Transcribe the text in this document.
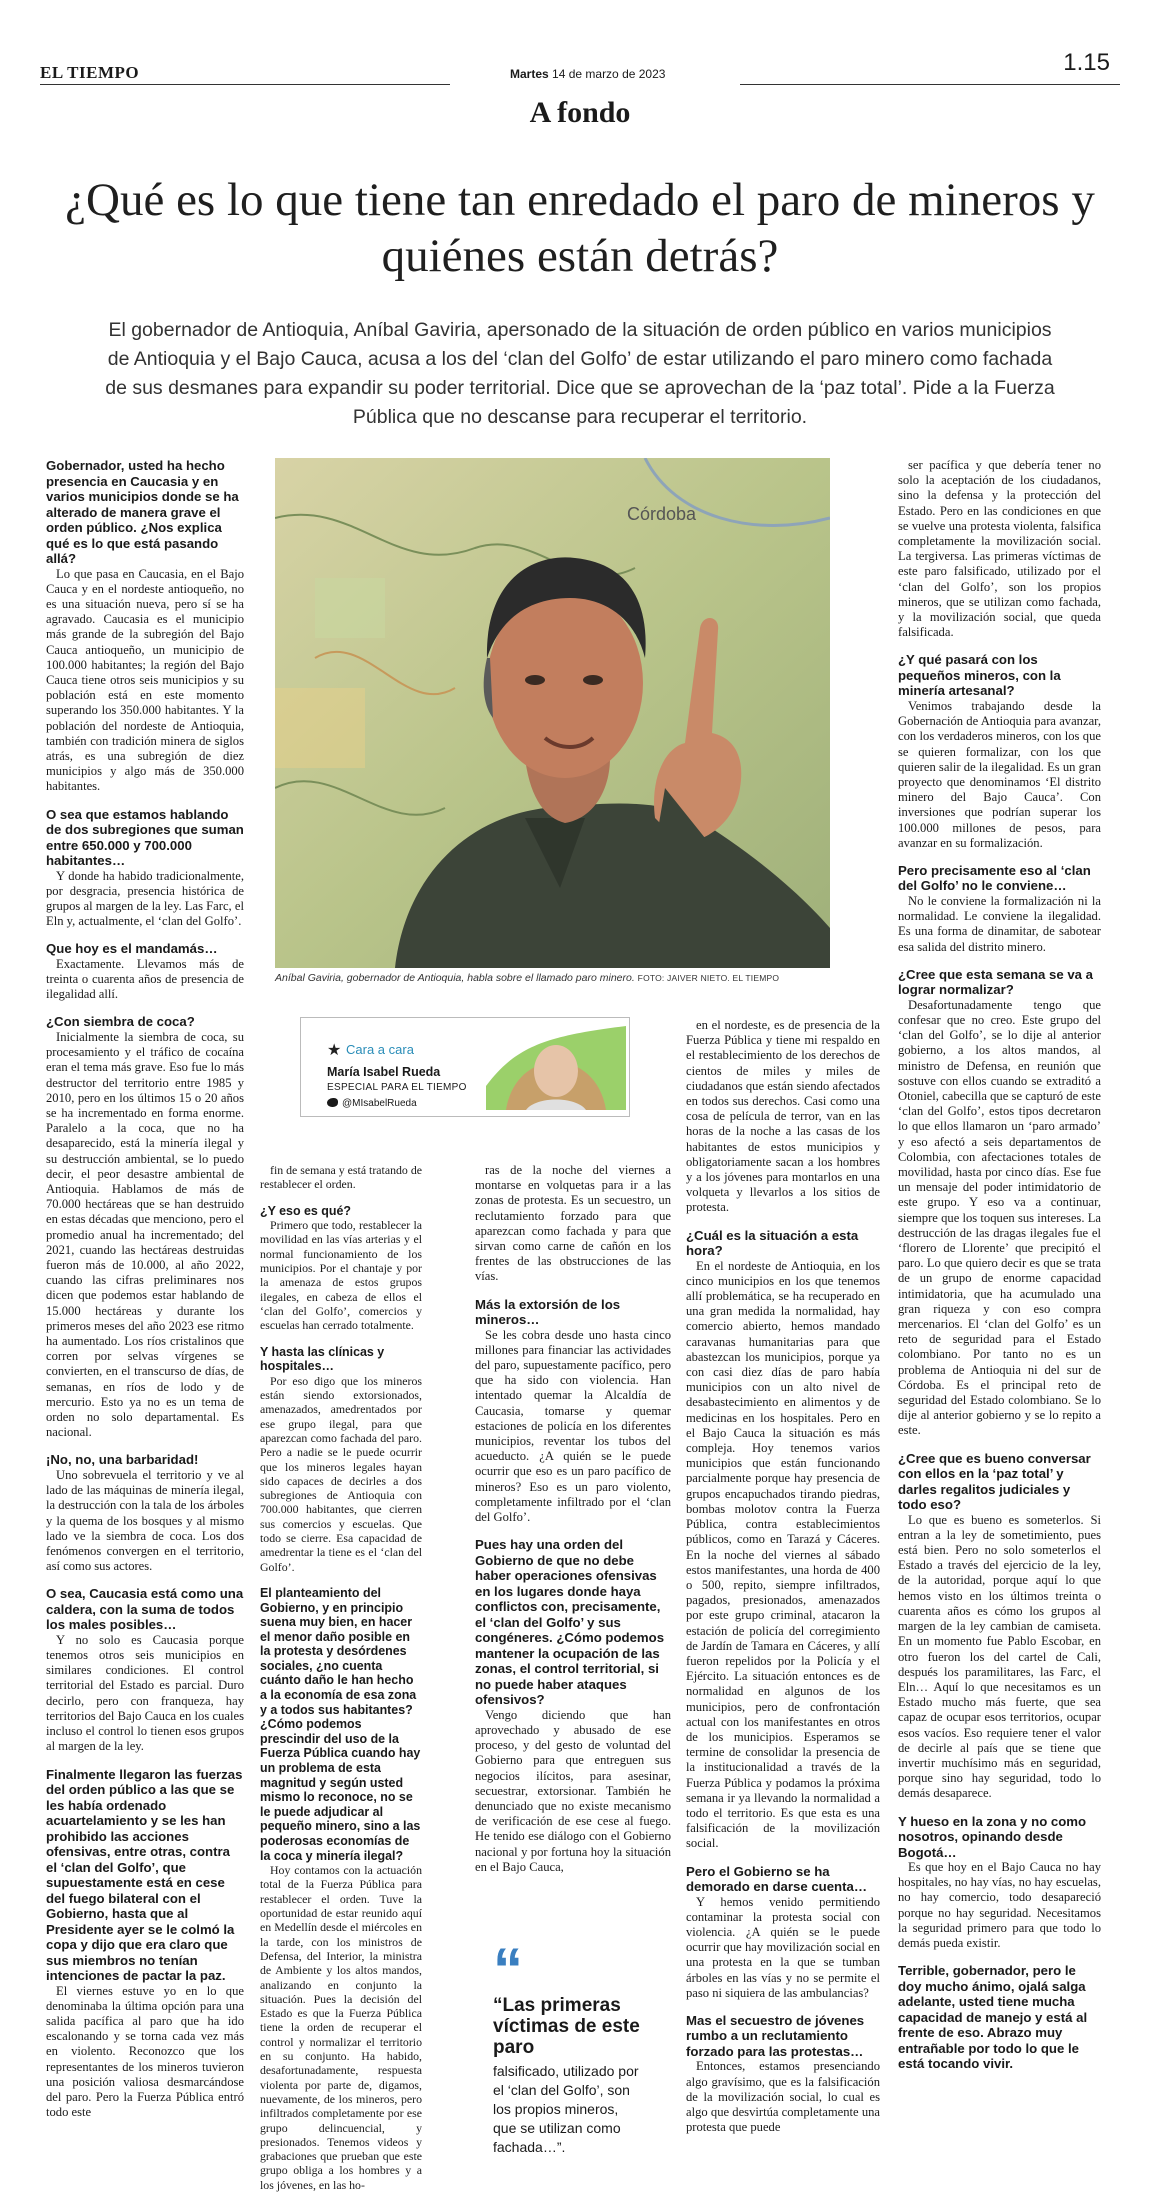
EL TIEMPO	Martes 14 de marzo de 2023	1.15
A fondo
¿Qué es lo que tiene tan enredado el paro de mineros y quiénes están detrás?
El gobernador de Antioquia, Aníbal Gaviria, apersonado de la situación de orden público en varios municipios de Antioquia y el Bajo Cauca, acusa a los del ‘clan del Golfo’ de estar utilizando el paro minero como fachada de sus desmanes para expandir su poder territorial. Dice que se aprovechan de la ‘paz total’. Pide a la Fuerza Pública que no descanse para recuperar el territorio.
Gobernador, usted ha hecho presencia en Caucasia y en varios municipios donde se ha alterado de manera grave el orden público. ¿Nos explica qué es lo que está pasando allá?
Lo que pasa en Caucasia, en el Bajo Cauca y en el nordeste antioqueño, no es una situación nueva, pero sí se ha agravado. Caucasia es el municipio más grande de la subregión del Bajo Cauca antioqueño, un municipio de 100.000 habitantes; la región del Bajo Cauca tiene otros seis municipios y su población está en este momento superando los 350.000 habitantes. Y la población del nordeste de Antioquia, también con tradición minera de siglos atrás, es una subregión de diez municipios y algo más de 350.000 habitantes.
O sea que estamos hablando de dos subregiones que suman entre 650.000 y 700.000 habitantes…
Y donde ha habido tradicionalmente, por desgracia, presencia histórica de grupos al margen de la ley. Las Farc, el Eln y, actualmente, el ‘clan del Golfo’.
Que hoy es el mandamás…
Exactamente. Llevamos más de treinta o cuarenta años de presencia de ilegalidad allí.
¿Con siembra de coca?
Inicialmente la siembra de coca, su procesamiento y el tráfico de cocaína eran el tema más grave. Eso fue lo más destructor del territorio entre 1985 y 2010, pero en los últimos 15 o 20 años se ha incrementado en forma enorme. Paralelo a la coca, que no ha desaparecido, está la minería ilegal y su destrucción ambiental, se lo puedo decir, el peor desastre ambiental de Antioquia. Hablamos de más de 70.000 hectáreas que se han destruido en estas décadas que menciono, pero el promedio anual ha incrementado; del 2021, cuando las hectáreas destruidas fueron más de 10.000, al año 2022, cuando las cifras preliminares nos dicen que podemos estar hablando de 15.000 hectáreas y durante los primeros meses del año 2023 ese ritmo ha aumentado. Los ríos cristalinos que corren por selvas vírgenes se convierten, en el transcurso de días, de semanas, en ríos de lodo y de mercurio. Esto ya no es un tema de orden no solo departamental. Es nacional.
¡No, no, una barbaridad!
Uno sobrevuela el territorio y ve al lado de las máquinas de minería ilegal, la destrucción con la tala de los árboles y la quema de los bosques y al mismo lado ve la siembra de coca. Los dos fenómenos convergen en el territorio, así como sus actores.
O sea, Caucasia está como una caldera, con la suma de todos los males posibles…
Y no solo es Caucasia porque tenemos otros seis municipios en similares condiciones. El control territorial del Estado es parcial. Duro decirlo, pero con franqueza, hay territorios del Bajo Cauca en los cuales incluso el control lo tienen esos grupos al margen de la ley.
Finalmente llegaron las fuerzas del orden público a las que se les había ordenado acuartelamiento y se les han prohibido las acciones ofensivas, entre otras, contra el ‘clan del Golfo’, que supuestamente está en cese del fuego bilateral con el Gobierno, hasta que al Presidente ayer se le colmó la copa y dijo que era claro que sus miembros no tenían intenciones de pactar la paz.
El viernes estuve yo en lo que denominaba la última opción para una salida pacífica al paro que ha ido escalonando y se torna cada vez más en violento. Reconozco que los representantes de los mineros tuvieron una posición valiosa desmarcándose del paro. Pero la Fuerza Pública entró todo este
fin de semana y está tratando de restablecer el orden.
¿Y eso es qué?
Primero que todo, restablecer la movilidad en las vías arterias y el normal funcionamiento de los municipios. Por el chantaje y por la amenaza de estos grupos ilegales, en cabeza de ellos el ‘clan del Golfo’, comercios y escuelas han cerrado totalmente.
Y hasta las clínicas y hospitales…
Por eso digo que los mineros están siendo extorsionados, amenazados, amedrentados por ese grupo ilegal, para que aparezcan como fachada del paro. Pero a nadie se le puede ocurrir que los mineros legales hayan sido capaces de decirles a dos subregiones de Antioquia con 700.000 habitantes, que cierren sus comercios y escuelas. Que todo se cierre. Esa capacidad de amedrentar la tiene es el ‘clan del Golfo’.
El planteamiento del Gobierno, y en principio suena muy bien, en hacer el menor daño posible en la protesta y desórdenes sociales, ¿no cuenta cuánto daño le han hecho a la economía de esa zona y a todos sus habitantes? ¿Cómo podemos prescindir del uso de la Fuerza Pública cuando hay un problema de esta magnitud y según usted mismo lo reconoce, no se le puede adjudicar al pequeño minero, sino a las poderosas economías de la coca y minería ilegal?
Hoy contamos con la actuación total de la Fuerza Pública para restablecer el orden. Tuve la oportunidad de estar reunido aquí en Medellín desde el miércoles en la tarde, con los ministros de Defensa, del Interior, la ministra de Ambiente y los altos mandos, analizando en conjunto la situación. Pues la decisión del Estado es que la Fuerza Pública tiene la orden de recuperar el control y normalizar el territorio en su conjunto. Ha habido, desafortunadamente, respuesta violenta por parte de, digamos, nuevamente, de los mineros, pero infiltrados completamente por ese grupo delincuencial, y presionados. Tenemos videos y grabaciones que prueban que este grupo obliga a los hombres y a los jóvenes, en las ho-
ras de la noche del viernes a montarse en volquetas para ir a las zonas de protesta. Es un secuestro, un reclutamiento forzado para que aparezcan como fachada y para que sirvan como carne de cañón en los frentes de las obstrucciones de las vías.
Más la extorsión de los mineros…
Se les cobra desde uno hasta cinco millones para financiar las actividades del paro, supuestamente pacífico, pero que ha sido con violencia. Han intentado quemar la Alcaldía de Caucasia, tomarse y quemar estaciones de policía en los diferentes municipios, reventar los tubos del acueducto. ¿A quién se le puede ocurrir que eso es un paro pacífico de mineros? Eso es un paro violento, completamente infiltrado por el ‘clan del Golfo’.
Pues hay una orden del Gobierno de que no debe haber operaciones ofensivas en los lugares donde haya conflictos con, precisamente, el ‘clan del Golfo’ y sus congéneres. ¿Cómo podemos mantener la ocupación de las zonas, el control territorial, si no puede haber ataques ofensivos?
Vengo diciendo que han aprovechado y abusado de ese proceso, y del gesto de voluntad del Gobierno para que entreguen sus negocios ilícitos, para asesinar, secuestrar, extorsionar. También he denunciado que no existe mecanismo de verificación de ese cese al fuego. He tenido ese diálogo con el Gobierno nacional y por fortuna hoy la situación en el Bajo Cauca,
en el nordeste, es de presencia de la Fuerza Pública y tiene mi respaldo en el restablecimiento de los derechos de cientos de miles y miles de ciudadanos que están siendo afectados en todos sus derechos. Casi como una cosa de película de terror, van en las horas de la noche a las casas de los habitantes de estos municipios y obligatoriamente sacan a los hombres y a los jóvenes para montarlos en una volqueta y llevarlos a los sitios de protesta.
¿Cuál es la situación a esta hora?
En el nordeste de Antioquia, en los cinco municipios en los que tenemos allí problemática, se ha recuperado en una gran medida la normalidad, hay comercio abierto, hemos mandado caravanas humanitarias para que abastezcan los municipios, porque ya con casi diez días de paro había municipios con un alto nivel de desabastecimiento en alimentos y de medicinas en los hospitales. Pero en el Bajo Cauca la situación es más compleja. Hoy tenemos varios municipios que están funcionando parcialmente porque hay presencia de grupos encapuchados tirando piedras, bombas molotov contra la Fuerza Pública, contra establecimientos públicos, como en Tarazá y Cáceres. En la noche del viernes al sábado estos manifestantes, una horda de 400 o 500, repito, siempre infiltrados, pagados, presionados, amenazados por este grupo criminal, atacaron la estación de policía del corregimiento de Jardín de Tamara en Cáceres, y allí fueron repelidos por la Policía y el Ejército. La situación entonces es de normalidad en algunos de los municipios, pero de confrontación actual con los manifestantes en otros de los municipios. Esperamos se termine de consolidar la presencia de la institucionalidad a través de la Fuerza Pública y podamos la próxima semana ir ya llevando la normalidad a todo el territorio. Es que esta es una falsificación de la movilización social.
Pero el Gobierno se ha demorado en darse cuenta…
Y hemos venido permitiendo contaminar la protesta social con violencia. ¿A quién se le puede ocurrir que hay movilización social en una protesta en la que se tumban árboles en las vías y no se permite el paso ni siquiera de las ambulancias?
Mas el secuestro de jóvenes rumbo a un reclutamiento forzado para las protestas…
Entonces, estamos presenciando algo gravísimo, que es la falsificación de la movilización social, lo cual es algo que desvirtúa completamente una protesta que puede
ser pacífica y que debería tener no solo la aceptación de los ciudadanos, sino la defensa y la protección del Estado. Pero en las condiciones en que se vuelve una protesta violenta, falsifica completamente la movilización social. La tergiversa. Las primeras víctimas de este paro falsificado, utilizado por el ‘clan del Golfo’, son los propios mineros, que se utilizan como fachada, y la movilización social, que queda falsificada.
¿Y qué pasará con los pequeños mineros, con la minería artesanal?
Venimos trabajando desde la Gobernación de Antioquia para avanzar, con los verdaderos mineros, con los que se quieren formalizar, con los que quieren salir de la ilegalidad. Es un gran proyecto que denominamos ‘El distrito minero del Bajo Cauca’. Con inversiones que podrían superar los 100.000 millones de pesos, para avanzar en su formalización.
Pero precisamente eso al ‘clan del Golfo’ no le conviene…
No le conviene la formalización ni la normalidad. Le conviene la ilegalidad. Es una forma de dinamitar, de sabotear esa salida del distrito minero.
¿Cree que esta semana se va a lograr normalizar?
Desafortunadamente tengo que confesar que no creo. Este grupo del ‘clan del Golfo’, se lo dije al anterior gobierno, a los altos mandos, al ministro de Defensa, en reunión que sostuve con ellos cuando se extraditó a Otoniel, cabecilla que se capturó de este ‘clan del Golfo’, estos tipos decretaron lo que ellos llamaron un ‘paro armado’ y eso afectó a seis departamentos de Colombia, con afectaciones totales de movilidad, hasta por cinco días. Ese fue un mensaje del poder intimidatorio de este grupo. Y eso va a continuar, siempre que los toquen sus intereses. La destrucción de las dragas ilegales fue el ‘florero de Llorente’ que precipitó el paro. Lo que quiero decir es que se trata de un grupo de enorme capacidad intimidatoria, que ha acumulado una gran riqueza y con eso compra mercenarios. El ‘clan del Golfo’ es un reto de seguridad para el Estado colombiano. Por tanto no es un problema de Antioquia ni del sur de Córdoba. Es el principal reto de seguridad del Estado colombiano. Se lo dije al anterior gobierno y se lo repito a este.
¿Cree que es bueno conversar con ellos en la ‘paz total’ y darles regalitos judiciales y todo eso?
Lo que es bueno es someterlos. Si entran a la ley de sometimiento, pues está bien. Pero no solo someterlos el Estado a través del ejercicio de la ley, de la autoridad, porque aquí lo que hemos visto en los últimos treinta o cuarenta años es cómo los grupos al margen de la ley cambian de camiseta. En un momento fue Pablo Escobar, en otro fueron los del cartel de Cali, después los paramilitares, las Farc, el Eln… Aquí lo que necesitamos es un Estado mucho más fuerte, que sea capaz de ocupar esos territorios, ocupar esos vacíos. Eso requiere tener el valor de decirle al país que se tiene que invertir muchísimo más en seguridad, porque sino hay seguridad, todo lo demás desaparece.
Y hueso en la zona y no como nosotros, opinando desde Bogotá…
Es que hoy en el Bajo Cauca no hay hospitales, no hay vías, no hay escuelas, no hay comercio, todo desapareció porque no hay seguridad. Necesitamos la seguridad primero para que todo lo demás pueda existir.
Terrible, gobernador, pero le doy mucho ánimo, ojalá salga adelante, usted tiene mucha capacidad de manejo y está al frente de eso. Abrazo muy entrañable por todo lo que le está tocando vivir.
Córdoba
Aníbal Gaviria, gobernador de Antioquia, habla sobre el llamado paro minero. FOTO: JAIVER NIETO. EL TIEMPO
★ Cara a cara
María Isabel Rueda
ESPECIAL PARA EL TIEMPO
@MIsabelRueda
“
“Las primeras víctimas de este paro
falsificado, utilizado por el ‘clan del Golfo’, son los propios mineros, que se utilizan como fachada…”.
